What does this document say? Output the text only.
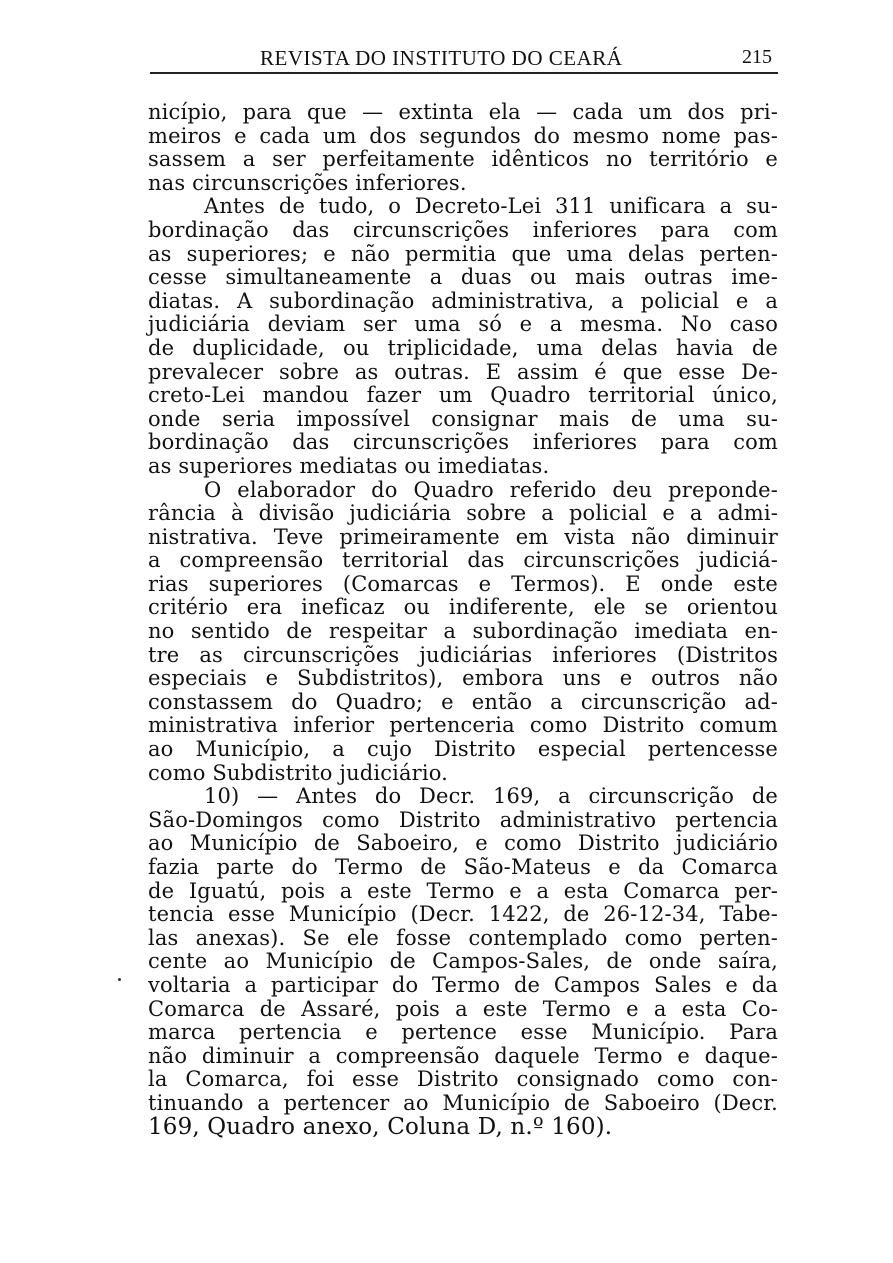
REVISTA DO INSTITUTO DO CEARÁ	215
nicípio, para que — extinta ela — cada um dos pri-
meiros e cada um dos segundos do mesmo nome pas-
sassem a ser perfeitamente idênticos no território e
nas circunscrições inferiores.
Antes de tudo, o Decreto-Lei 311 unificara a su-
bordinação das circunscrições inferiores para com
as superiores; e não permitia que uma delas perten-
cesse simultaneamente a duas ou mais outras ime-
diatas. A subordinação administrativa, a policial e a
judiciária deviam ser uma só e a mesma. No caso
de duplicidade, ou triplicidade, uma delas havia de
prevalecer sobre as outras. E assim é que esse De-
creto-Lei mandou fazer um Quadro territorial único,
onde seria impossível consignar mais de uma su-
bordinação das circunscrições inferiores para com
as superiores mediatas ou imediatas.
O elaborador do Quadro referido deu preponde-
rância à divisão judiciária sobre a policial e a admi-
nistrativa. Teve primeiramente em vista não diminuir
a compreensão territorial das circunscrições judiciá-
rias superiores (Comarcas e Termos). E onde este
critério era ineficaz ou indiferente, ele se orientou
no sentido de respeitar a subordinação imediata en-
tre as circunscrições judiciárias inferiores (Distritos
especiais e Subdistritos), embora uns e outros não
constassem do Quadro; e então a circunscrição ad-
ministrativa inferior pertenceria como Distrito comum
ao Município, a cujo Distrito especial pertencesse
como Subdistrito judiciário.
10) — Antes do Decr. 169, a circunscrição de
São-Domingos como Distrito administrativo pertencia
ao Município de Saboeiro, e como Distrito judiciário
fazia parte do Termo de São-Mateus e da Comarca
de Iguatú, pois a este Termo e a esta Comarca per-
tencia esse Município (Decr. 1422, de 26-12-34, Tabe-
las anexas). Se ele fosse contemplado como perten-
cente ao Município de Campos-Sales, de onde saíra,
voltaria a participar do Termo de Campos Sales e da
Comarca de Assaré, pois a este Termo e a esta Co-
marca pertencia e pertence esse Município. Para
não diminuir a compreensão daquele Termo e daque-
la Comarca, foi esse Distrito consignado como con-
tinuando a pertencer ao Município de Saboeiro (Decr.
169, Quadro anexo, Coluna D, n.º 160).
